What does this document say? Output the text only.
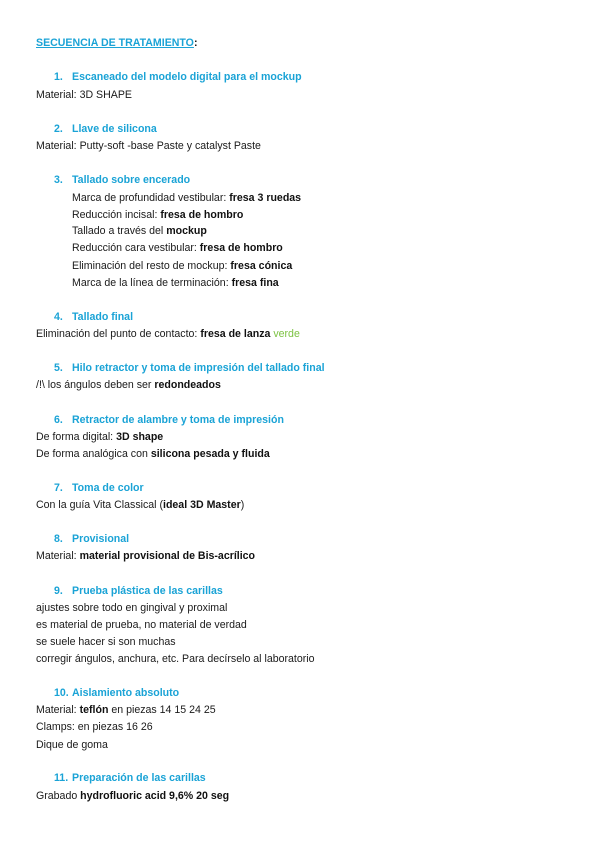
SECUENCIA DE TRATAMIENTO:
1. Escaneado del modelo digital para el mockup
Material: 3D SHAPE
2. Llave de silicona
Material: Putty-soft -base Paste y catalyst Paste
3. Tallado sobre encerado
Marca de profundidad vestibular: fresa 3 ruedas
Reducción incisal: fresa de hombro
Tallado a través del mockup
Reducción cara vestibular: fresa de hombro
Eliminación del resto de mockup: fresa cónica
Marca de la línea de terminación: fresa fina
4. Tallado final
Eliminación del punto de contacto: fresa de lanza verde
5. Hilo retractor y toma de impresión del tallado final
/!\ los ángulos deben ser redondeados
6. Retractor de alambre y toma de impresión
De forma digital: 3D shape
De forma analógica con silicona pesada y fluida
7. Toma de color
Con la guía Vita Classical (ideal 3D Master)
8. Provisional
Material: material provisional de Bis-acrílico
9. Prueba plástica de las carillas
ajustes sobre todo en gingival y proximal
es material de prueba, no material de verdad
se suele hacer si son muchas
corregir ángulos, anchura, etc. Para decírselo al laboratorio
10. Aislamiento absoluto
Material: teflón en piezas 14 15 24 25
Clamps: en piezas 16 26
Dique de goma
11. Preparación de las carillas
Grabado hydrofluoric acid 9,6% 20 seg
